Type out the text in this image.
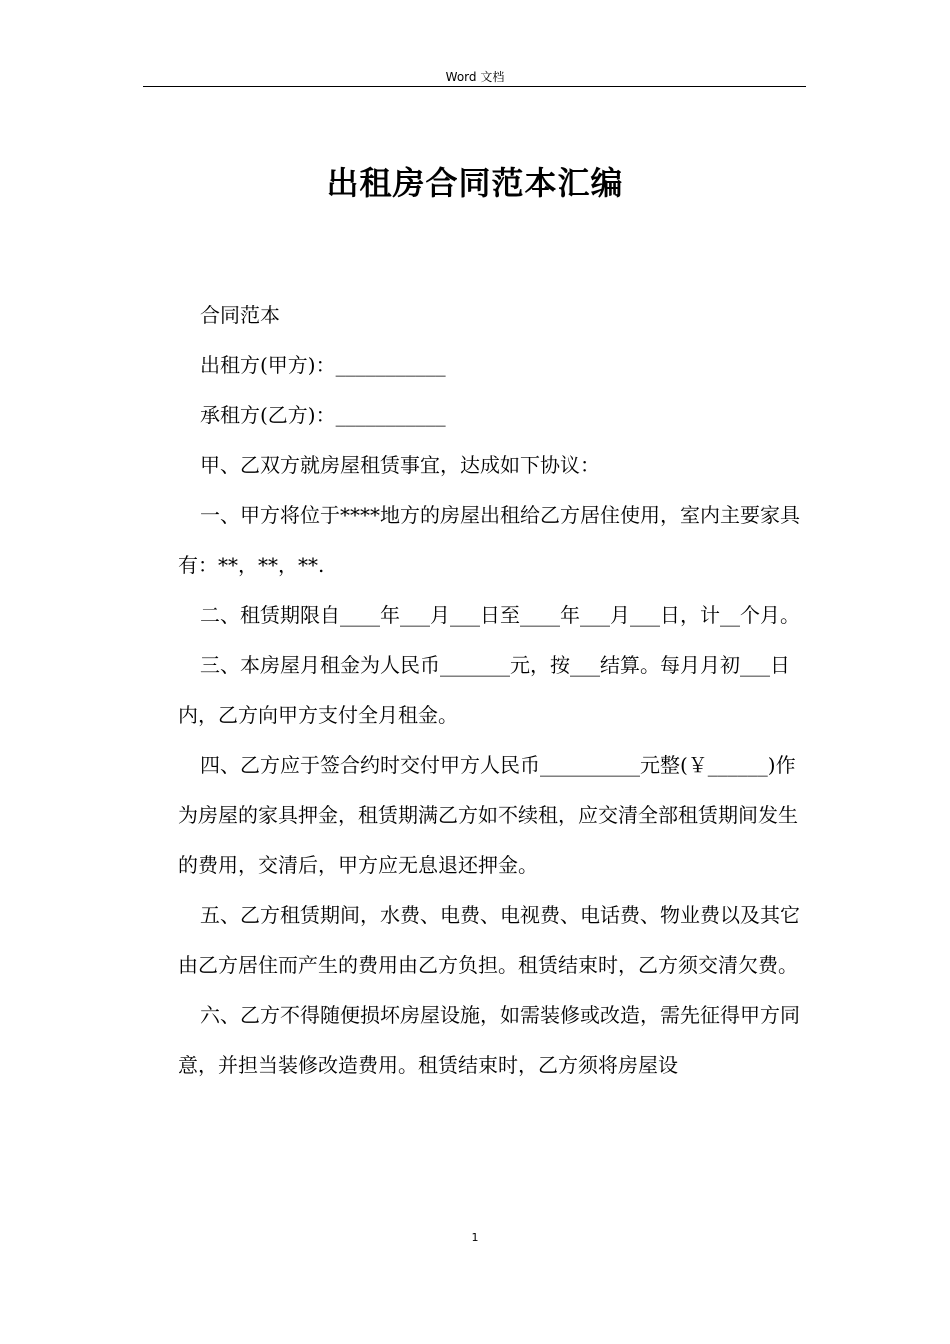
Word 文档
出租房合同范本汇编

合同范本

出租方(甲方)：___________

承租方(乙方)：___________

甲、乙双方就房屋租赁事宜，达成如下协议：

一、甲方将位于****地方的房屋出租给乙方居住使用，室内主要家具有：**，**，**.

二、租赁期限自____年___月___日至____年___月___日，计__个月。

三、本房屋月租金为人民币_______元，按___结算。每月月初___日内，乙方向甲方支付全月租金。

四、乙方应于签合约时交付甲方人民币__________元整(￥______)作为房屋的家具押金，租赁期满乙方如不续租，应交清全部租赁期间发生的费用，交清后，甲方应无息退还押金。

五、乙方租赁期间，水费、电费、电视费、电话费、物业费以及其它由乙方居住而产生的费用由乙方负担。租赁结束时，乙方须交清欠费。

六、乙方不得随便损坏房屋设施，如需装修或改造，需先征得甲方同意，并担当装修改造费用。租赁结束时，乙方须将房屋设

1
